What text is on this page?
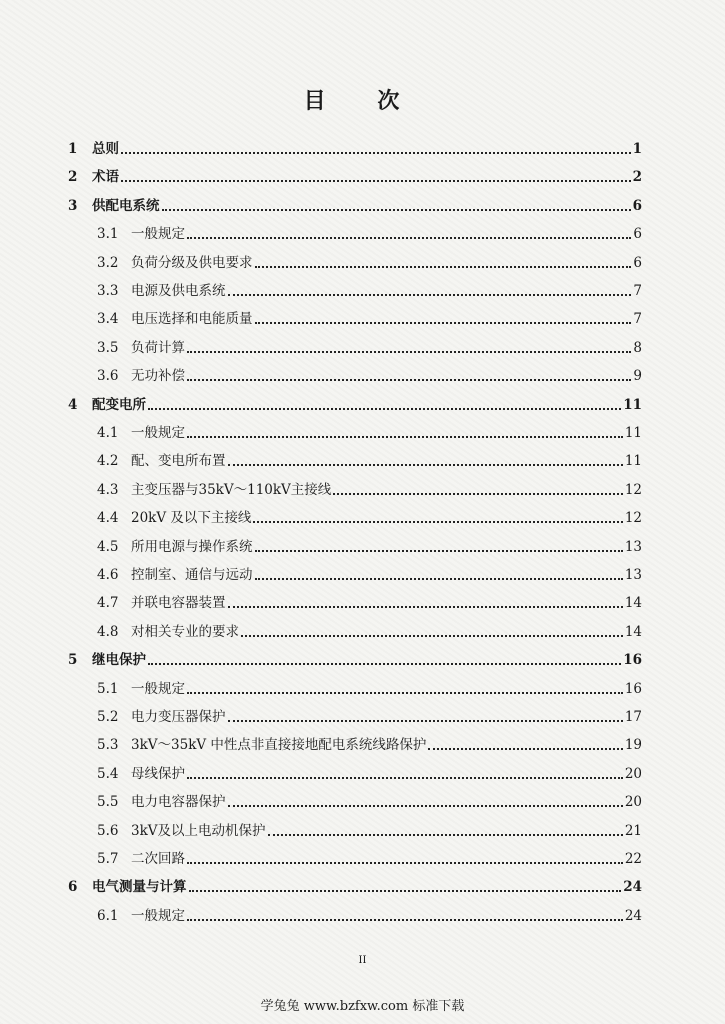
目 次
1	总则	1
2	术语	2
3	供配电系统	6
3.1 一般规定	6
3.2 负荷分级及供电要求	6
3.3 电源及供电系统	7
3.4 电压选择和电能质量	7
3.5 负荷计算	8
3.6 无功补偿	9
4	配变电所	11
4.1 一般规定	11
4.2 配、变电所布置	11
4.3 主变压器与35kV～110kV主接线	12
4.4 20kV 及以下主接线	12
4.5 所用电源与操作系统	13
4.6 控制室、通信与远动	13
4.7 并联电容器装置	14
4.8 对相关专业的要求	14
5	继电保护	16
5.1 一般规定	16
5.2 电力变压器保护	17
5.3 3kV～35kV 中性点非直接接地配电系统线路保护	19
5.4 母线保护	20
5.5 电力电容器保护	20
5.6 3kV及以上电动机保护	21
5.7 二次回路	22
6	电气测量与计算	24
6.1 一般规定	24
II
学兔兔 www.bzfxw.com 标准下载
